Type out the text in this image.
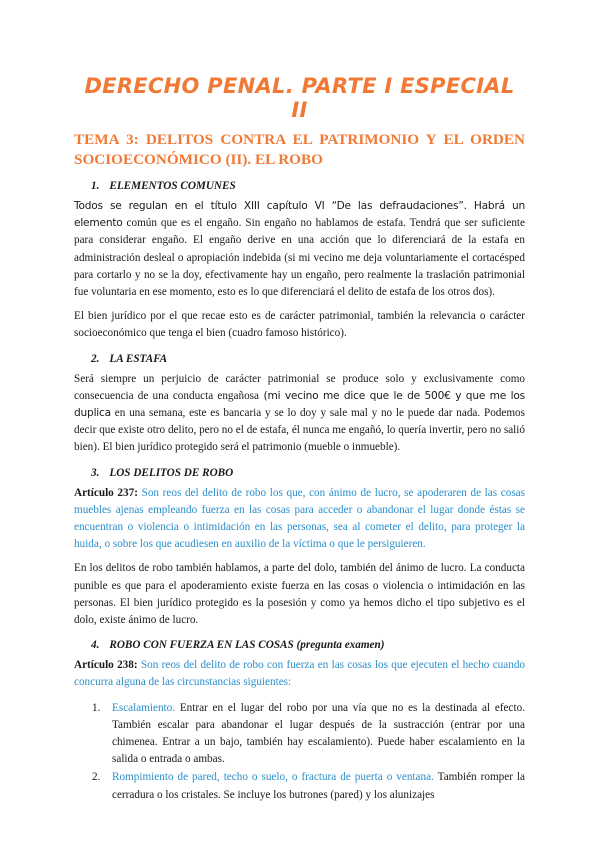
DERECHO PENAL. PARTE I ESPECIAL II
TEMA 3: DELITOS CONTRA EL PATRIMONIO Y EL ORDEN SOCIOECONÓMICO (II). EL ROBO
1. ELEMENTOS COMUNES

Todos se regulan en el título XIII capítulo VI “De las defraudaciones”. Habrá un elemento común que es el engaño. Sin engaño no hablamos de estafa. Tendrá que ser suficiente para considerar engaño. El engaño derive en una acción que lo diferenciará de la estafa en administración desleal o apropiación indebida (si mi vecino me deja voluntariamente el cortacésped para cortarlo y no se la doy, efectivamente hay un engaño, pero realmente la traslación patrimonial fue voluntaria en ese momento, esto es lo que diferenciará el delito de estafa de los otros dos).

El bien jurídico por el que recae esto es de carácter patrimonial, también la relevancia o carácter socioeconómico que tenga el bien (cuadro famoso histórico).

2. LA ESTAFA

Será siempre un perjuicio de carácter patrimonial se produce solo y exclusivamente como consecuencia de una conducta engañosa (mi vecino me dice que le de 500€ y que me los duplica en una semana, este es bancaria y se lo doy y sale mal y no le puede dar nada. Podemos decir que existe otro delito, pero no el de estafa, él nunca me engañó, lo quería invertir, pero no salió bien). El bien jurídico protegido será el patrimonio (mueble o inmueble).

3. LOS DELITOS DE ROBO

Artículo 237: Son reos del delito de robo los que, con ánimo de lucro, se apoderaren de las cosas muebles ajenas empleando fuerza en las cosas para acceder o abandonar el lugar donde éstas se encuentran o violencia o intimidación en las personas, sea al cometer el delito, para proteger la huida, o sobre los que acudiesen en auxilio de la víctima o que le persiguieren.

En los delitos de robo también hablamos, a parte del dolo, también del ánimo de lucro. La conducta punible es que para el apoderamiento existe fuerza en las cosas o violencia o intimidación en las personas. El bien jurídico protegido es la posesión y como ya hemos dicho el tipo subjetivo es el dolo, existe ánimo de lucro.

4. ROBO CON FUERZA EN LAS COSAS (pregunta examen)

Artículo 238: Son reos del delito de robo con fuerza en las cosas los que ejecuten el hecho cuando concurra alguna de las circunstancias siguientes:

1.	Escalamiento. Entrar en el lugar del robo por una vía que no es la destinada al efecto. También escalar para abandonar el lugar después de la sustracción (entrar por una chimenea. Entrar a un bajo, también hay escalamiento). Puede haber escalamiento en la salida o entrada o ambas.
2.	Rompimiento de pared, techo o suelo, o fractura de puerta o ventana. También romper la cerradura o los cristales. Se incluye los butrones (pared) y los alunizajes
